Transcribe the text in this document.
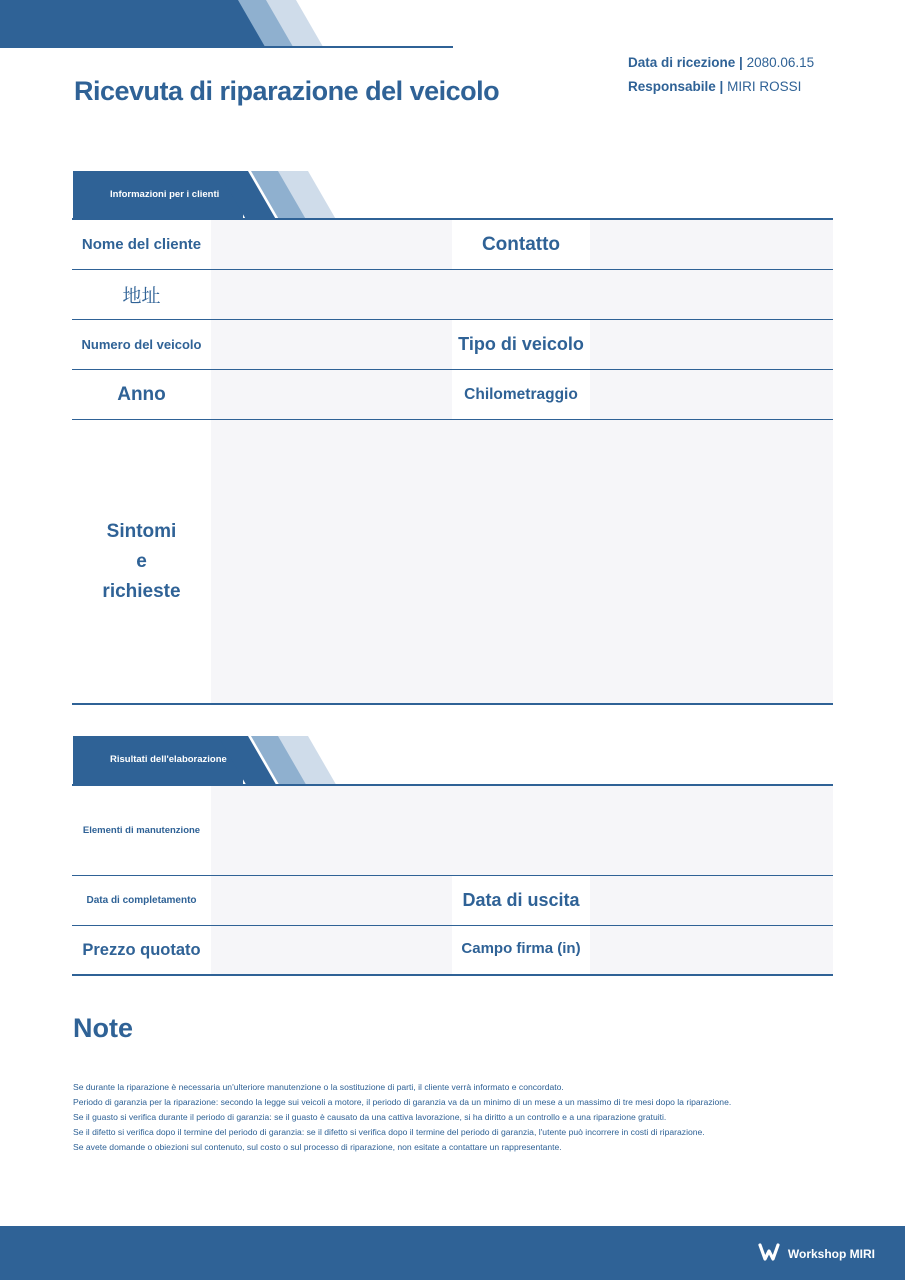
Ricevuta di riparazione del veicolo
Data di ricezione | 2080.06.15
Responsabile | MIRI ROSSI
Informazioni per i clienti
Nome del cliente	Contatto
地址
Numero del veicolo	Tipo di veicolo
Anno	Chilometraggio
Sintomi
e
richieste
Risultati dell'elaborazione
Elementi di manutenzione
Data di completamento	Data di uscita
Prezzo quotato	Campo firma (in)
Note
Se durante la riparazione è necessaria un'ulteriore manutenzione o la sostituzione di parti, il cliente verrà informato e concordato.
Periodo di garanzia per la riparazione: secondo la legge sui veicoli a motore, il periodo di garanzia va da un minimo di un mese a un massimo di tre mesi dopo la riparazione.
Se il guasto si verifica durante il periodo di garanzia: se il guasto è causato da una cattiva lavorazione, si ha diritto a un controllo e a una riparazione gratuiti.
Se il difetto si verifica dopo il termine del periodo di garanzia: se il difetto si verifica dopo il termine del periodo di garanzia, l'utente può incorrere in costi di riparazione.
Se avete domande o obiezioni sul contenuto, sul costo o sul processo di riparazione, non esitate a contattare un rappresentante.
Workshop MIRI
